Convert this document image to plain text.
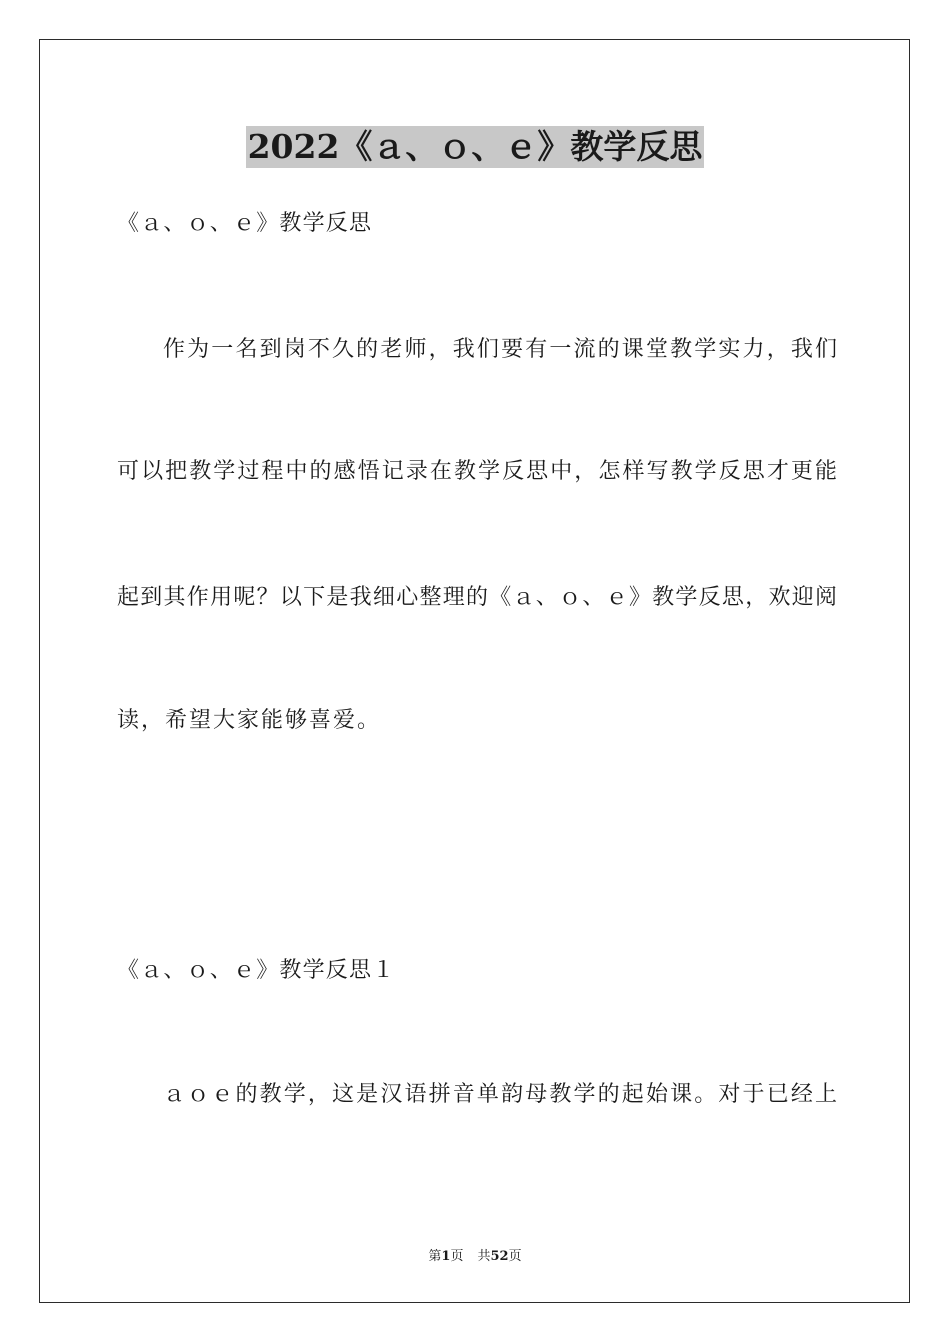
2022《ａ、ｏ、ｅ》教学反思
《ａ、ｏ、ｅ》教学反思
作为一名到岗不久的老师，我们要有一流的课堂教学实力，我们
可以把教学过程中的感悟记录在教学反思中，怎样写教学反思才更能
起到其作用呢？以下是我细心整理的《ａ、ｏ、ｅ》教学反思，欢迎阅
读，希望大家能够喜爱。
《ａ、ｏ、ｅ》教学反思１
ａｏｅ的教学，这是汉语拼音单韵母教学的起始课。对于已经上
第1页 共52页
